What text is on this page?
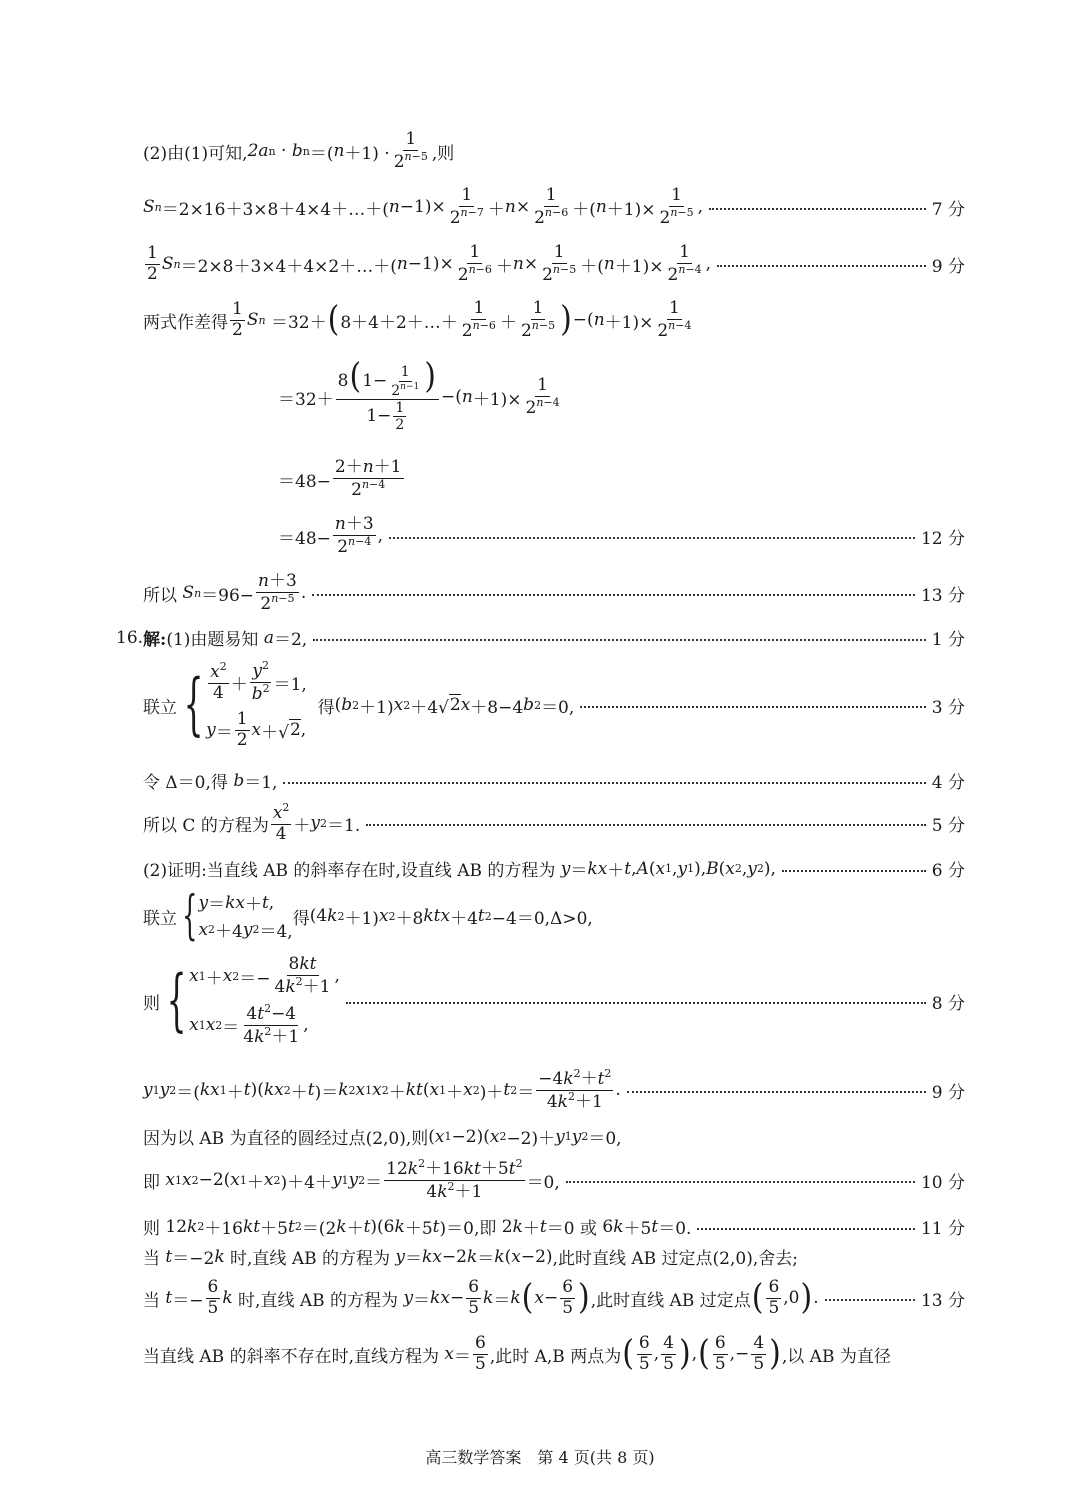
(2)由(1)可知, 2a n · b n ＝( $n +1) \cdot \frac{1}{2^{n-5}}$ ,则
S n ＝2×16＋3×8＋4×4＋…＋( $n -1)\times \frac{1}{2^{n-7}} + n \times \frac{1}{2^{n-6}}$ ＋( $n +1)\times \frac{1}{2^{n-5}}$ ,	7 分
$\frac{1}{2}$ S n ＝2×8＋3×4＋4×2＋…＋( $n -1)\times \frac{1}{2^{n-6}} + n \times \frac{1}{2^{n-5}}$ ＋( $n +1)\times \frac{1}{2^{n-4}}$ ,	9 分
两式作差得 $\frac{1}{2}$ S n ＝32＋ ( 8＋4＋2＋…＋ $\frac{1}{2^{n-6}} + \frac{1}{2^{n-5}}$ ) −( $n +1)\times \frac{1}{2^{n-4}}$
$=32+ \frac{8(1- \frac{1}{2^{n-1}} )}{1- \frac{1}{2}}$ −( $n +1)\times \frac{1}{2^{n-4}}$
$=48- \frac{2+n+1}{2^{n-4}}$
$=48- \frac{n+3}{2^{n-4}}$ ,	12 分
所以
S $n =96- \frac{n+3}{2^{n-5}}$ .	13 分
16. 解: (1)由题易知
a ＝2,	1 分
联立 { $\frac{x^2}{4} + \frac{y^2}{b^2} =1$,
$y = \frac{1}{2}$ x ＋√ 2 ,

得 ( b 2 ＋1) x 2 ＋4√ 2 x ＋8−4 b 2 ＝0,	3 分
令 Δ＝0 ,得
b ＝1,	4 分
所以 C 的方程为 $\frac{x^2}{4} + y$ 2 ＝1.	5 分
(2)证明:当直线 AB 的斜率存在时,设直线 AB 的方程为
y ＝ kx ＋ t , A ( x 1 , y 1 ), B ( x 2 , y 2 ),	6 分
联立 { y ＝ kx ＋ t ,
x 2 ＋4 y 2 ＝4,
得 (4 k 2 ＋1) x 2 ＋8 ktx ＋4 t 2 −4＝0,Δ>0,
则 { x 1 ＋ x $2 =- \frac{8kt}{4k^2+1}$ ,
x 1 x $2 = \frac{4t^2-4}{4k^2+1}$ ,
8 分
y 1 y 2 ＝( kx 1 ＋ t )( kx 2 ＋ t )＝ k 2 x 1 x 2 ＋ kt ( x 1 ＋ x 2 )＋ t $2 = \frac{-4k^2+t^2}{4k^2+1}$ .	9 分
因为以 AB 为直径的圆经过点(2,0),则 ( x 1 −2)( x 2 −2)＋ y 1 y 2 ＝0,
即
x 1 x 2 −2( x 1 ＋ x 2 )＋4＋ y 1 y $2 = \frac{12k^2+16kt+5t^2}{4k^2+1} =0$,	10 分
则 12 k 2 ＋16 kt ＋5 t 2 ＝(2 k ＋ t )(6 k ＋5 t )＝0 ,即 2 k ＋ t ＝0 或 6 k ＋5 t ＝0.	11 分
当
t ＝−2 k
时,直线 AB 的方程为
y ＝ kx −2 k ＝ k ( x −2) ,此时直线 AB 过定点(2,0),舍去;
当
$t =- \frac{6}{5}$ k
时,直线 AB 的方程为
y ＝ kx − $\frac{6}{5}$ k ＝ k ( $x - \frac{6}{5}$ ) ,此时直线 AB 过定点 ( $\frac{6}{5} ,0$ ) .	13 分
当直线 AB 的斜率不存在时,直线方程为
$x = \frac{6}{5}$ ,此时 A,B 两点为 ( $\frac{6}{5}$ , $\frac{4}{5}$ ) , ( $\frac{6}{5}$ ,− $\frac{4}{5}$ ) ,以 AB 为直径
高三数学答案　第 4 页(共 8 页)
